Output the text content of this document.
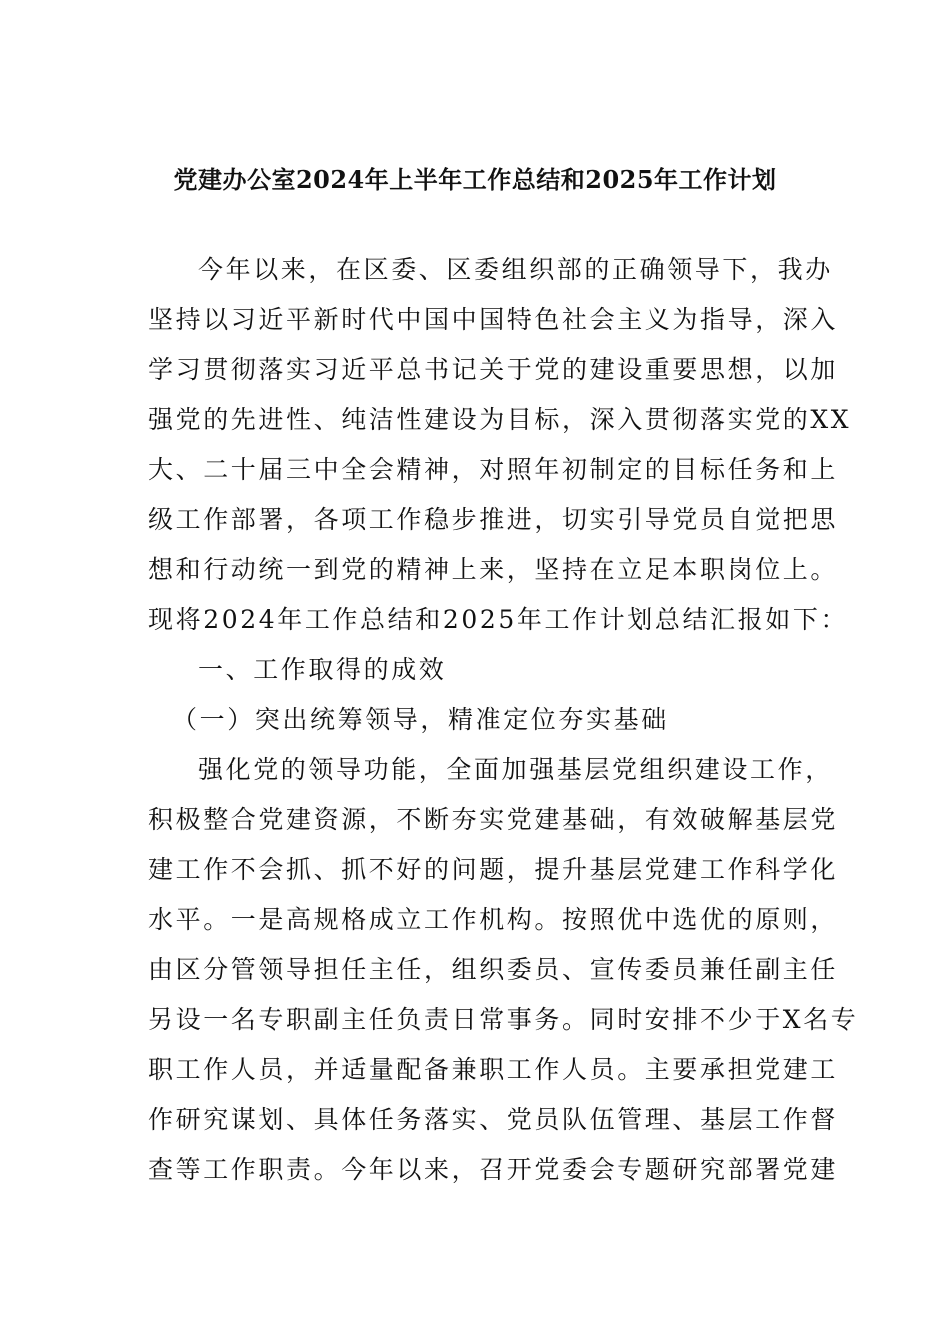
党建办公室2024年上半年工作总结和2025年工作计划
今年以来，在区委、区委组织部的正确领导下，我办
坚持以习近平新时代中国中国特色社会主义为指导，深入
学习贯彻落实习近平总书记关于党的建设重要思想，以加
强党的先进性、纯洁性建设为目标，深入贯彻落实党的XX
大、二十届三中全会精神，对照年初制定的目标任务和上
级工作部署，各项工作稳步推进，切实引导党员自觉把思
想和行动统一到党的精神上来，坚持在立足本职岗位上。
现将2024年工作总结和2025年工作计划总结汇报如下：
一、工作取得的成效
（一）突出统筹领导，精准定位夯实基础
强化党的领导功能，全面加强基层党组织建设工作，
积极整合党建资源，不断夯实党建基础，有效破解基层党
建工作不会抓、抓不好的问题，提升基层党建工作科学化
水平。一是高规格成立工作机构。按照优中选优的原则，
由区分管领导担任主任，组织委员、宣传委员兼任副主任
另设一名专职副主任负责日常事务。同时安排不少于X名专
职工作人员，并适量配备兼职工作人员。主要承担党建工
作研究谋划、具体任务落实、党员队伍管理、基层工作督
查等工作职责。今年以来，召开党委会专题研究部署党建
